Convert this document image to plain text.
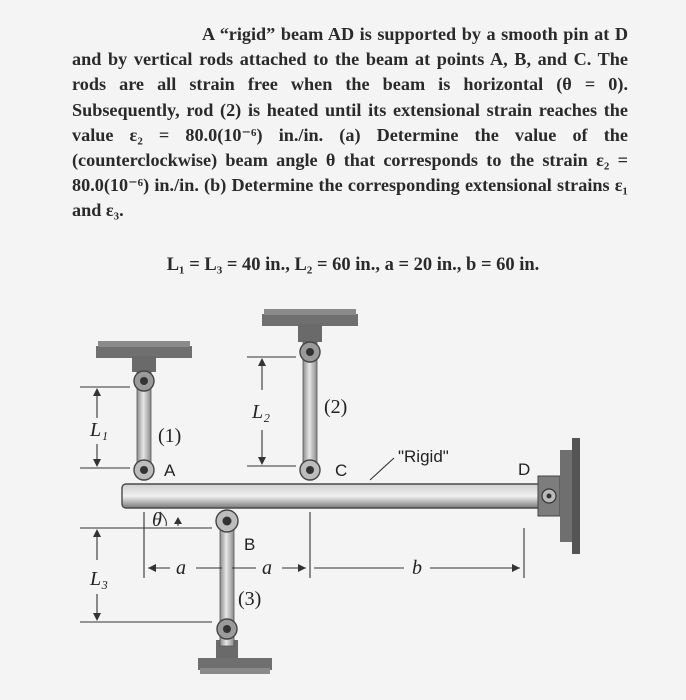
A “rigid” beam AD is supported by a smooth pin at D and by vertical rods attached to the beam at points A, B, and C. The rods are all strain free when the beam is horizontal (θ = 0). Subsequently, rod (2) is heated until its extensional strain reaches the value ε₂ = 80.0(10⁻⁶) in./in. (a) Determine the value of the (counterclockwise) beam angle θ that corresponds to the strain ε₂ = 80.0(10⁻⁶) in./in. (b) Determine the corresponding extensional strains ε₁ and ε₃.

L₁ = L₃ = 40 in., L₂ = 60 in., a = 20 in., b = 60 in.
L₁
L₂
L₃
(1)
(2)
(3)
A
B
C	D
"Rigid"
θ
a	a	b
